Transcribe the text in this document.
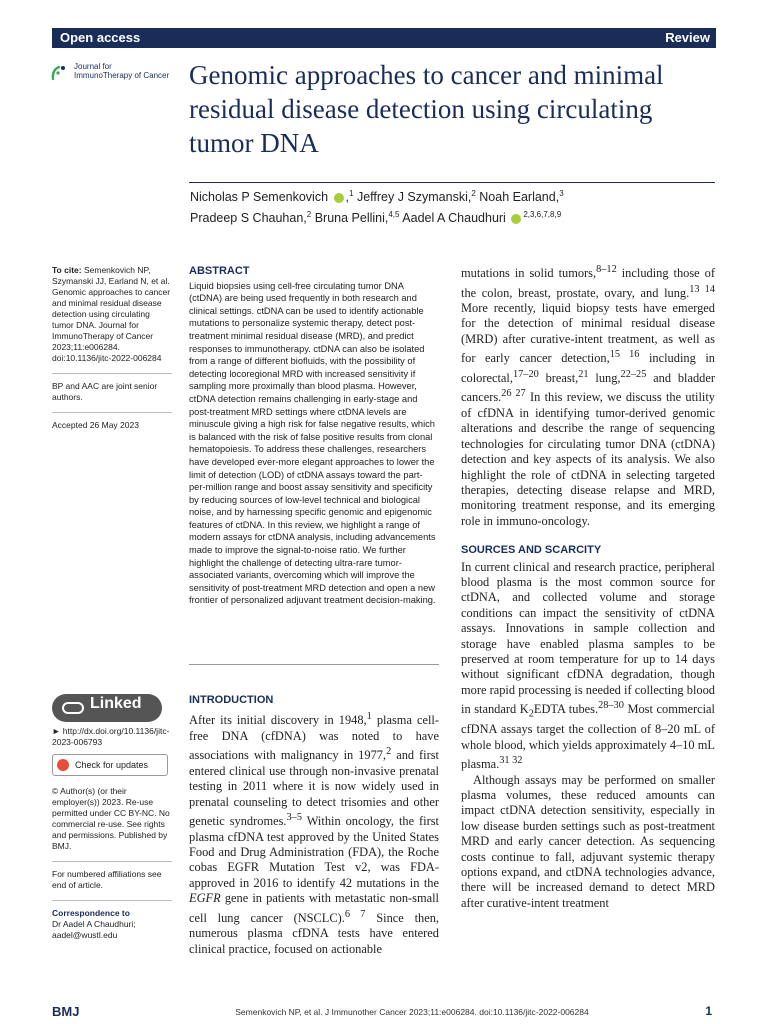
Open access	Review
Journal for
ImmunoTherapy of Cancer Genomic approaches to cancer and minimal residual disease detection using circulating tumor DNA
Nicholas P Semenkovich ,$^1$ Jeffrey J Szymanski,$^2$ Noah Earland,$^3$
Pradeep S Chauhan,$^2$ Bruna Pellini,$^{4,5}$ Aadel A Chaudhuri $^{2,3,6,7,8,9}$
To cite: Semenkovich NP, Szymanski JJ, Earland N, et al. Genomic approaches to cancer and minimal residual disease detection using circulating tumor DNA. Journal for ImmunoTherapy of Cancer 2023;11:e006284. doi:10.1136/jitc-2022-006284
BP and AAC are joint senior authors.
Accepted 26 May 2023
Linked
► http://dx.doi.org/10.1136/jitc-2023-006793
Check for updates
© Author(s) (or their employer(s)) 2023. Re-use permitted under CC BY-NC. No commercial re-use. See rights and permissions. Published by BMJ.
For numbered affiliations see end of article.
Correspondence to
Dr Aadel A Chaudhuri;
aadel@wustl.edu
ABSTRACT
Liquid biopsies using cell-free circulating tumor DNA (ctDNA) are being used frequently in both research and clinical settings. ctDNA can be used to identify actionable mutations to personalize systemic therapy, detect post-treatment minimal residual disease (MRD), and predict responses to immunotherapy. ctDNA can also be isolated from a range of different biofluids, with the possibility of detecting locoregional MRD with increased sensitivity if sampling more proximally than blood plasma. However, ctDNA detection remains challenging in early-stage and post-treatment MRD settings where ctDNA levels are minuscule giving a high risk for false negative results, which is balanced with the risk of false positive results from clonal hematopoiesis. To address these challenges, researchers have developed ever-more elegant approaches to lower the limit of detection (LOD) of ctDNA assays toward the part-per-million range and boost assay sensitivity and specificity by reducing sources of low-level technical and biological noise, and by harnessing specific genomic and epigenomic features of ctDNA. In this review, we highlight a range of modern assays for ctDNA analysis, including advancements made to improve the signal-to-noise ratio. We further highlight the challenge of detecting ultra-rare tumor-associated variants, overcoming which will improve the sensitivity of post-treatment MRD detection and open a new frontier of personalized adjuvant treatment decision-making.
INTRODUCTION
After its initial discovery in 1948,$^1$ plasma cell-free DNA (cfDNA) was noted to have associations with malignancy in 1977,$^2$ and first entered clinical use through non-invasive prenatal testing in 2011 where it is now widely used in prenatal counseling to detect trisomies and other genetic syndromes.$^{3-5}$ Within oncology, the first plasma cfDNA test approved by the United States Food and Drug Administration (FDA), the Roche cobas EGFR Mutation Test v2, was FDA-approved in 2016 to identify 42 mutations in the EGFR gene in patients with metastatic non-small cell lung cancer (NSCLC).$^{6 7}$ Since then, numerous plasma cfDNA tests have entered clinical practice, focused on actionable

mutations in solid tumors,$^{8-12}$ including those of the colon, breast, prostate, ovary, and lung.$^{13 14}$ More recently, liquid biopsy tests have emerged for the detection of minimal residual disease (MRD) after curative-intent treatment, as well as for early cancer detection,$^{15 16}$ including in colorectal,$^{17-20}$ breast,$^{21}$ lung,$^{22-25}$ and bladder cancers.$^{26 27}$ In this review, we discuss the utility of cfDNA in identifying tumor-derived genomic alterations and describe the range of sequencing technologies for circulating tumor DNA (ctDNA) detection and key aspects of its analysis. We also highlight the role of ctDNA in selecting targeted therapies, detecting disease relapse and MRD, monitoring treatment response, and its emerging role in immuno-oncology.

SOURCES AND SCARCITY

In current clinical and research practice, peripheral blood plasma is the most common source for ctDNA, and collected volume and storage conditions can impact the sensitivity of ctDNA assays. Innovations in sample collection and storage have enabled plasma samples to be preserved at room temperature for up to 14 days without significant cfDNA degradation, though more rapid processing is needed if collecting blood in standard $K_2EDTA$ tubes.$^{28-30}$ Most commercial cfDNA assays target the collection of 8–20 mL of whole blood, which yields approximately 4–10 mL plasma.$^{31 32}$

Although assays may be performed on smaller plasma volumes, these reduced amounts can impact ctDNA detection sensitivity, especially in low disease burden settings such as post-treatment MRD and early cancer detection. As sequencing costs continue to fall, adjuvant systemic therapy options expand, and ctDNA technologies advance, there will be increased demand to detect MRD after curative-intent treatment

BMJ	Semenkovich NP, et al. J Immunother Cancer 2023;11:e006284. doi:10.1136/jitc-2022-006284	1
